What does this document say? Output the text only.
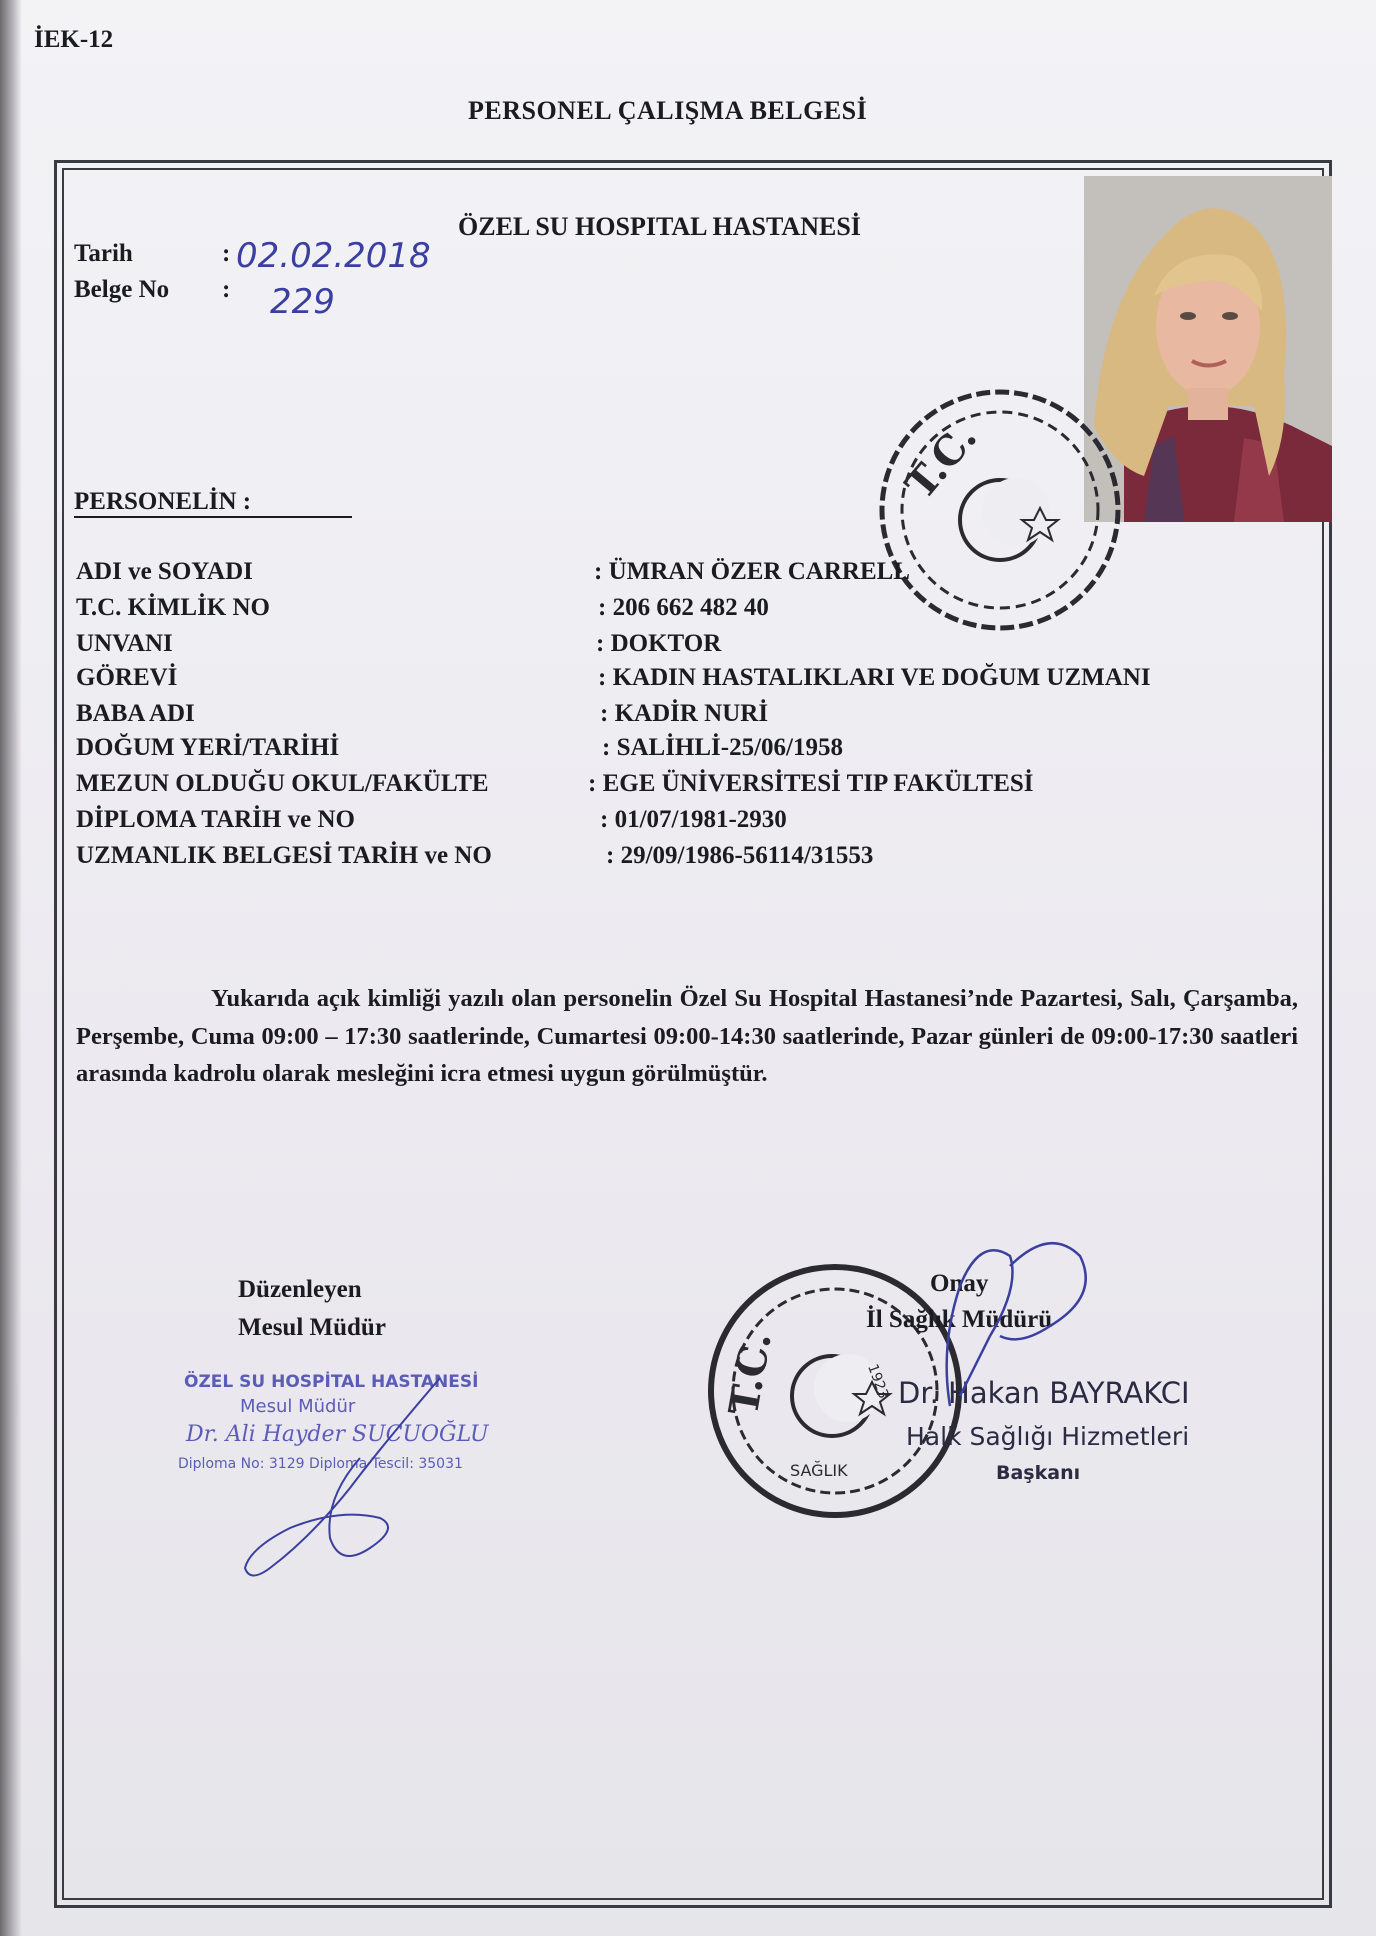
İEK-12
PERSONEL ÇALIŞMA BELGESİ
ÖZEL SU HOSPITAL HASTANESİ
Tarih	: 02.02.2018
Belge No : 229
T.C.
PERSONELİN :
ADI ve SOYADI	: ÜMRAN ÖZER CARRELL
T.C. KİMLİK NO	: 206 662 482 40
UNVANI	: DOKTOR
GÖREVİ	: KADIN HASTALIKLARI VE DOĞUM UZMANI
BABA ADI	: KADİR NURİ
DOĞUM YERİ/TARİHİ	: SALİHLİ-25/06/1958
MEZUN OLDUĞU OKUL/FAKÜLTE	: EGE ÜNİVERSİTESİ TIP FAKÜLTESİ
DİPLOMA TARİH ve NO	: 01/07/1981-2930
UZMANLIK BELGESİ TARİH ve NO	: 29/09/1986-56114/31553
Yukarıda açık kimliği yazılı olan personelin Özel Su Hospital Hastanesi’nde Pazartesi, Salı, Çarşamba, Perşembe, Cuma 09:00 – 17:30 saatlerinde, Cumartesi 09:00-14:30 saatlerinde, Pazar günleri de 09:00-17:30 saatleri arasında kadrolu olarak mesleğini icra etmesi uygun görülmüştür.
Düzenleyen
Mesul Müdür
ÖZEL SU HOSPİTAL HASTANESİ
Mesul Müdür
Dr. Ali Hayder SUCUOĞLU
Diploma No: 3129 Diploma Tescil: 35031
T.C.
SAĞLIK
1923
Onay
İl Sağlık Müdürü
Dr. Hakan BAYRAKCI
Halk Sağlığı Hizmetleri
Başkanı
